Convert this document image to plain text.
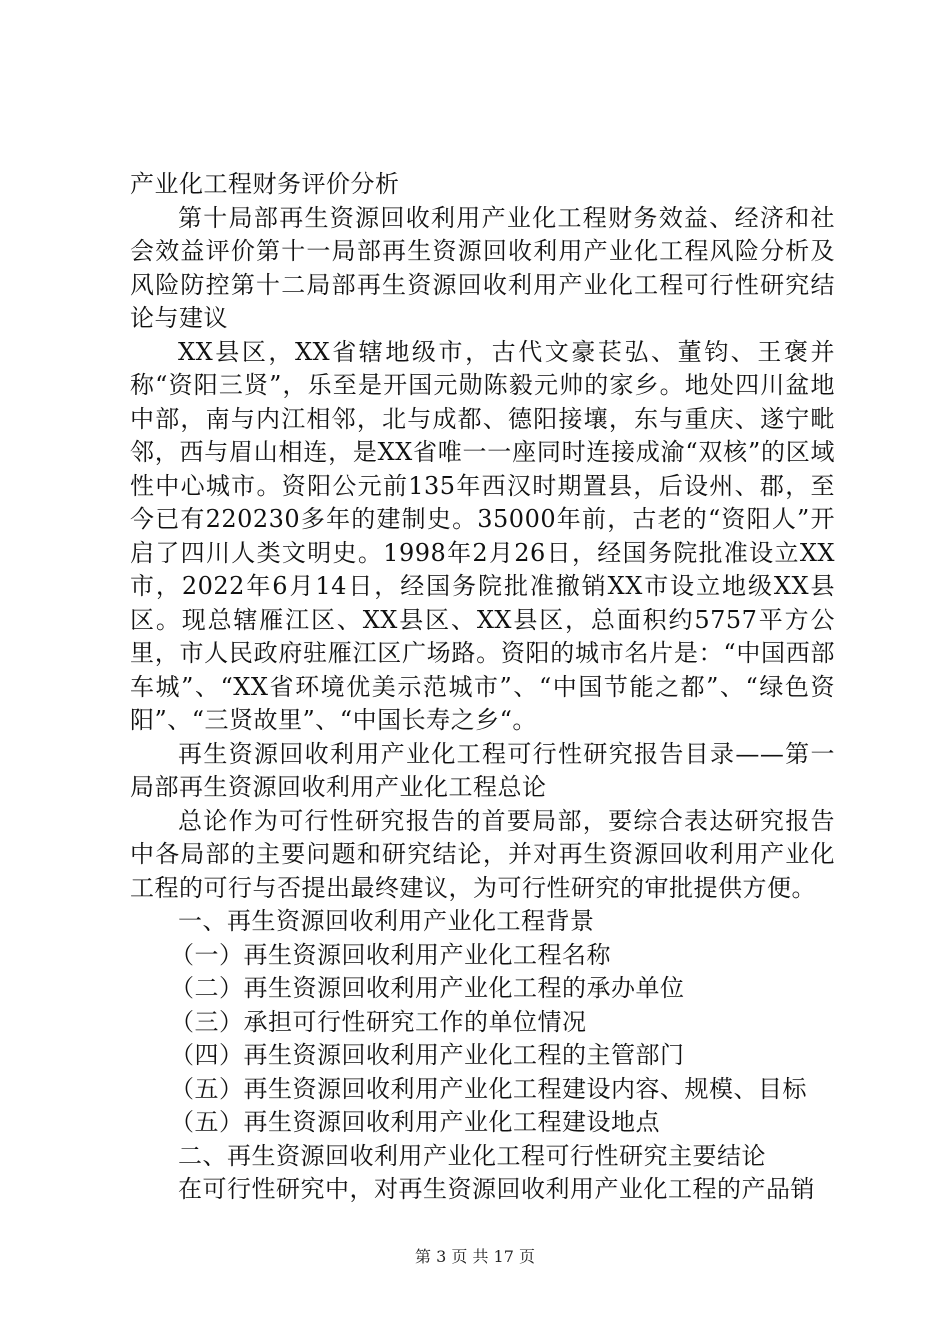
产业化工程财务评价分析

第十局部再生资源回收利用产业化工程财务效益、经济和社会效益评价第十一局部再生资源回收利用产业化工程风险分析及风险防控第十二局部再生资源回收利用产业化工程可行性研究结论与建议

XX县区，XX省辖地级市，古代文豪苌弘、董钧、王褒并称“资阳三贤”，乐至是开国元勋陈毅元帅的家乡。地处四川盆地中部，南与内江相邻，北与成都、德阳接壤，东与重庆、遂宁毗邻，西与眉山相连，是XX省唯一一座同时连接成渝“双核”的区域性中心城市。资阳公元前135年西汉时期置县，后设州、郡，至今已有220230多年的建制史。35000年前，古老的“资阳人”开启了四川人类文明史。1998年2月26日，经国务院批准设立XX市，2022年6月14日，经国务院批准撤销XX市设立地级XX县区。现总辖雁江区、XX县区、XX县区，总面积约5757平方公里，市人民政府驻雁江区广场路。资阳的城市名片是：“中国西部车城”、“XX省环境优美示范城市”、“中国节能之都”、“绿色资阳”、“三贤故里”、“中国长寿之乡“。

再生资源回收利用产业化工程可行性研究报告目录——第一局部再生资源回收利用产业化工程总论

总论作为可行性研究报告的首要局部，要综合表达研究报告中各局部的主要问题和研究结论，并对再生资源回收利用产业化工程的可行与否提出最终建议，为可行性研究的审批提供方便。

一、再生资源回收利用产业化工程背景

（一）再生资源回收利用产业化工程名称

（二）再生资源回收利用产业化工程的承办单位

（三）承担可行性研究工作的单位情况

（四）再生资源回收利用产业化工程的主管部门

（五）再生资源回收利用产业化工程建设内容、规模、目标

（五）再生资源回收利用产业化工程建设地点

二、再生资源回收利用产业化工程可行性研究主要结论

在可行性研究中，对再生资源回收利用产业化工程的产品销

第 3 页 共 17 页
